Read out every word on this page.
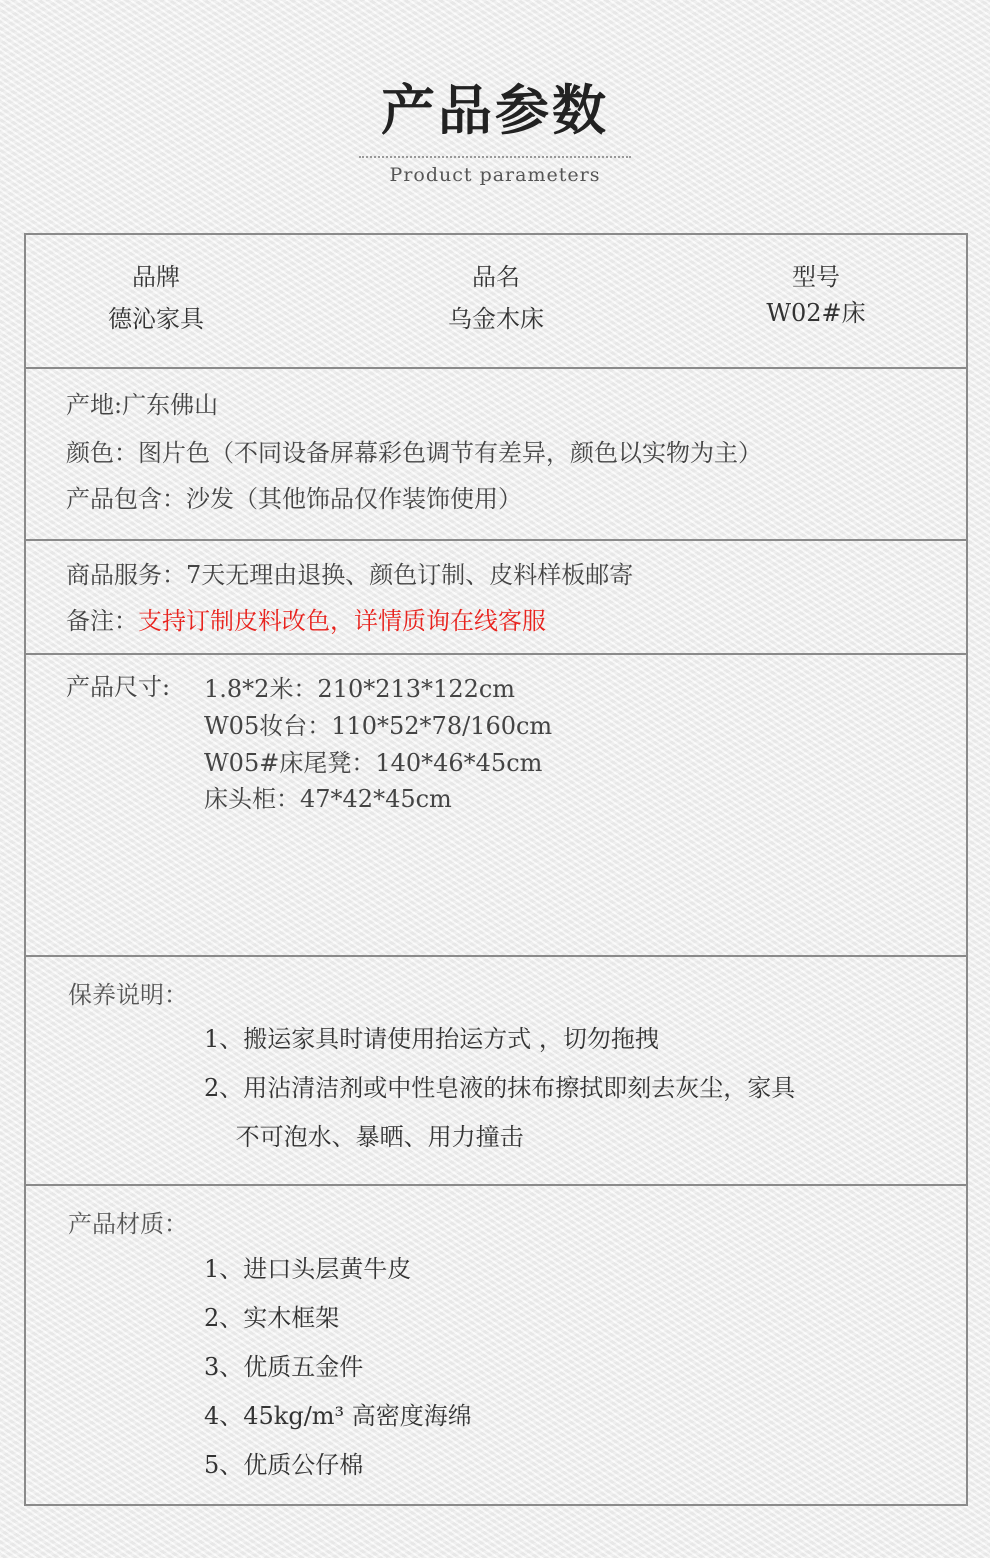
产品参数
Product parameters
品牌
德沁家具
品名
乌金木床
型号
W02#床
产地:广东佛山
颜色：图片色（不同设备屏幕彩色调节有差异，颜色以实物为主）
产品包含：沙发（其他饰品仅作装饰使用）
商品服务：7天无理由退换、颜色订制、皮料样板邮寄
备注：支持订制皮料改色，详情质询在线客服
产品尺寸: 1.8*2米：210*213*122cm
W05妆台：110*52*78/160cm
W05#床尾凳：140*46*45cm
床头柜：47*42*45cm
保养说明：
1、搬运家具时请使用抬运方式 ，切勿拖拽
2、用沾清洁剂或中性皂液的抹布擦拭即刻去灰尘，家具
　 不可泡水、暴晒、用力撞击
产品材质：
1、进口头层黄牛皮
2、实木框架
3、优质五金件
4、45kg/m³ 高密度海绵
5、优质公仔棉
